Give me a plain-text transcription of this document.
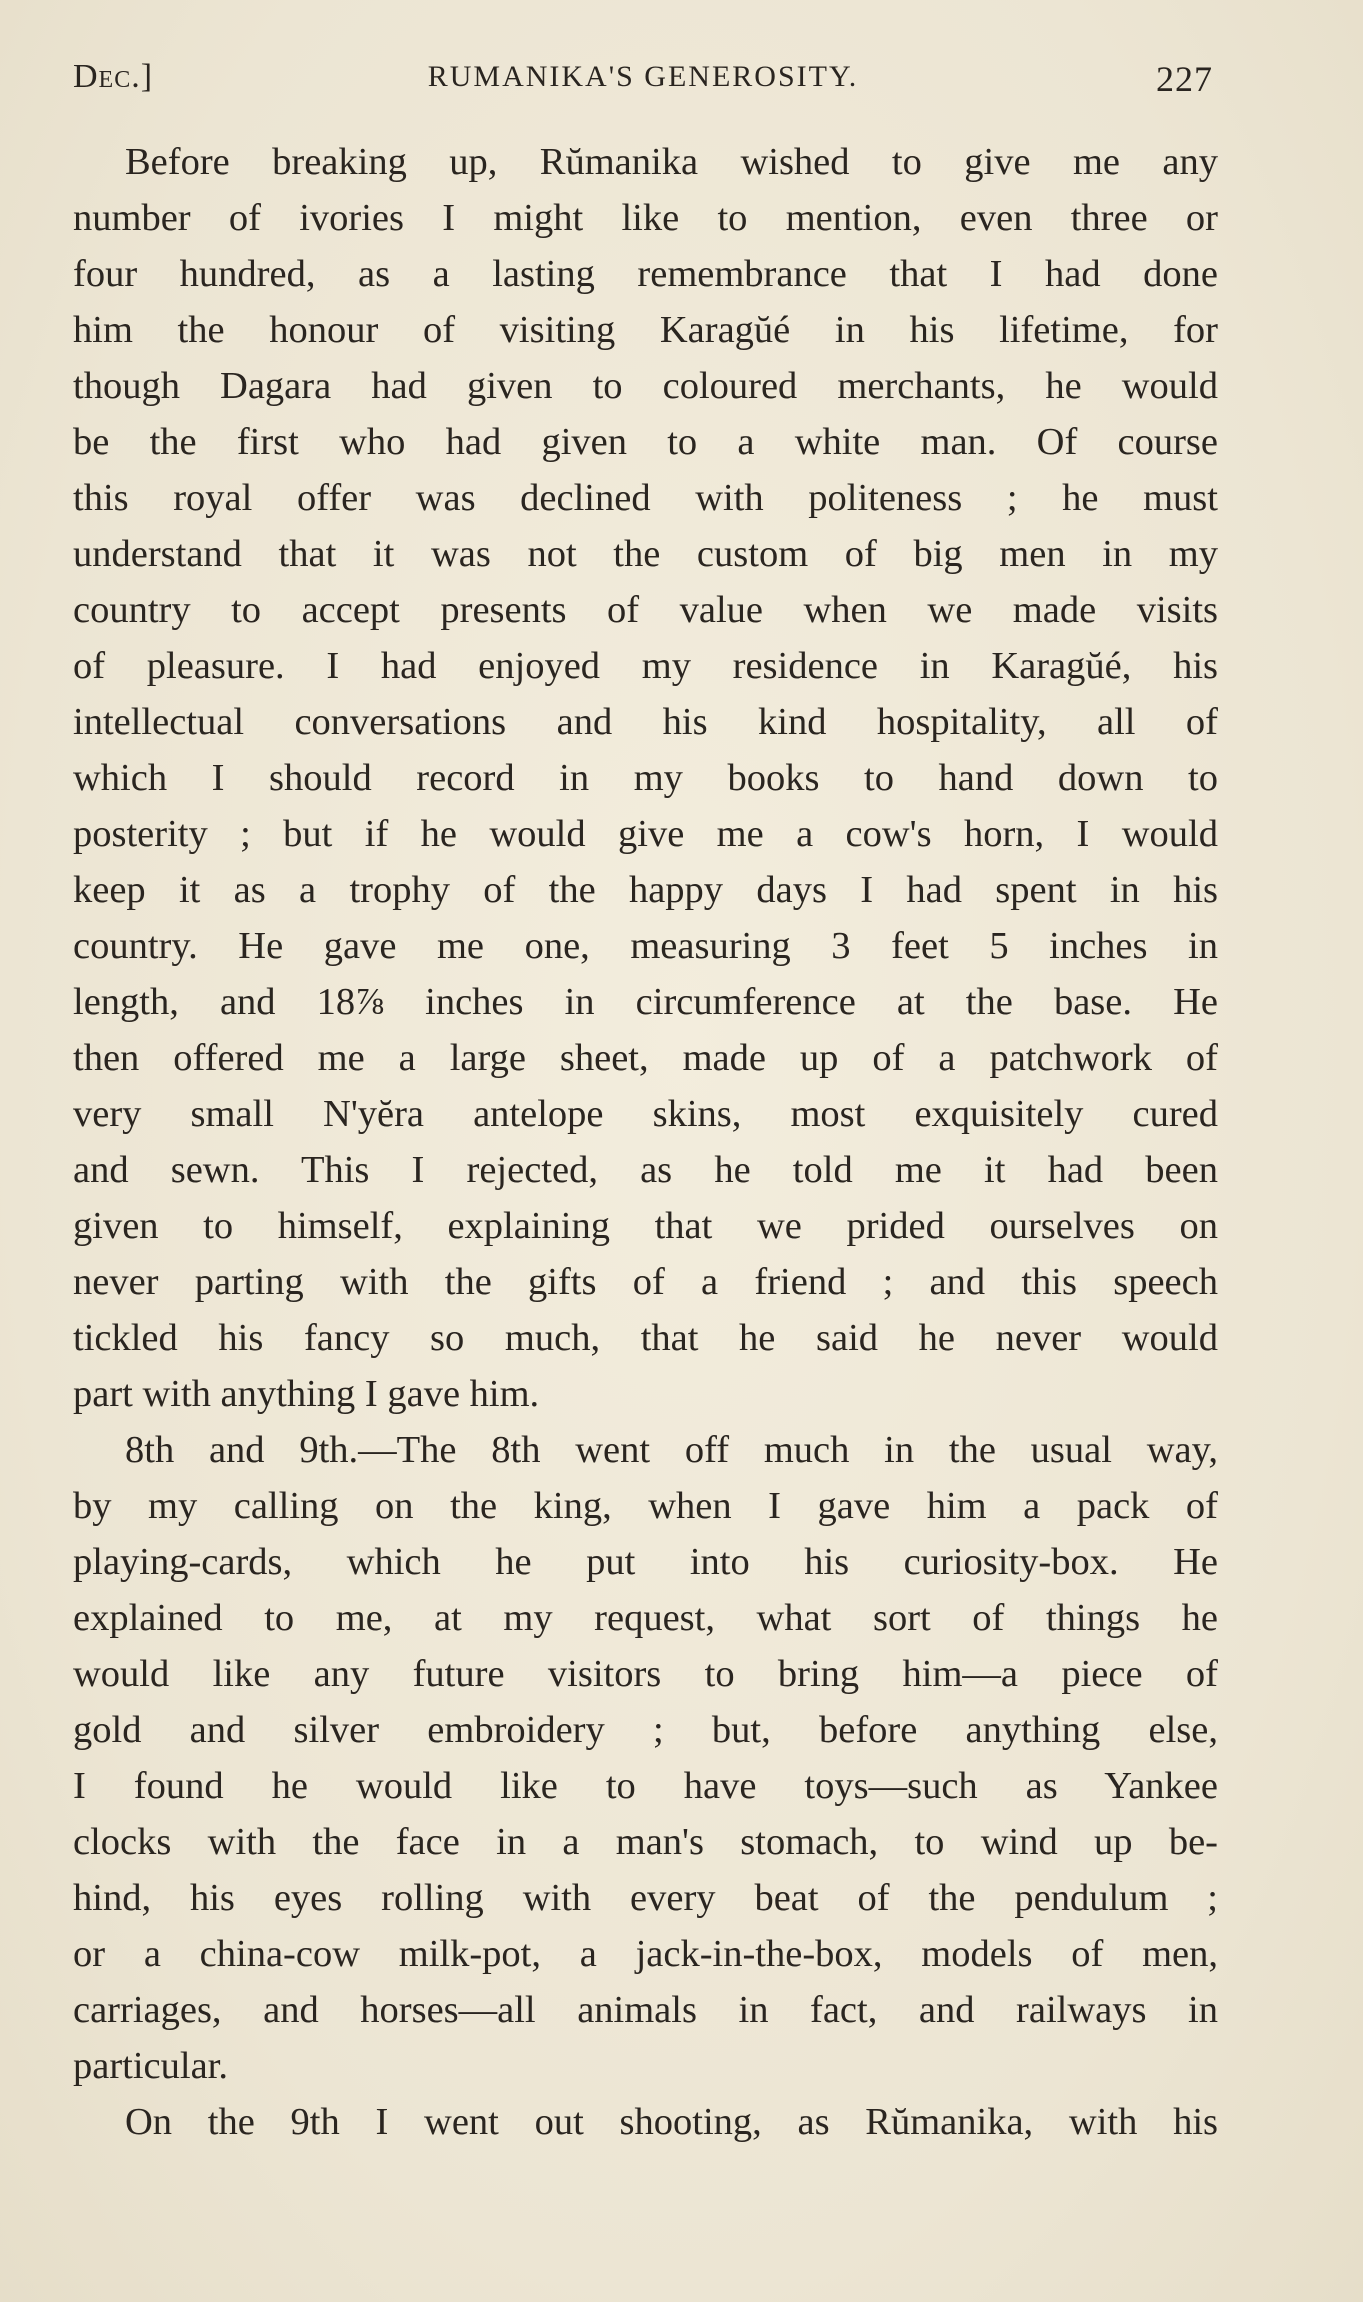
Dec.]	RUMANIKA'S GENEROSITY.	227
Before breaking up, Rŭmanika wished to give me any
number of ivories I might like to mention, even three or
four hundred, as a lasting remembrance that I had done
him the honour of visiting Karagŭé in his lifetime, for
though Dagara had given to coloured merchants, he would
be the first who had given to a white man. Of course
this royal offer was declined with politeness ; he must
understand that it was not the custom of big men in my
country to accept presents of value when we made visits
of pleasure. I had enjoyed my residence in Karagŭé, his
intellectual conversations and his kind hospitality, all of
which I should record in my books to hand down to
posterity ; but if he would give me a cow's horn, I would
keep it as a trophy of the happy days I had spent in his
country. He gave me one, measuring 3 feet 5 inches in
length, and 18⅞ inches in circumference at the base. He
then offered me a large sheet, made up of a patchwork of
very small N'yĕra antelope skins, most exquisitely cured
and sewn. This I rejected, as he told me it had been
given to himself, explaining that we prided ourselves on
never parting with the gifts of a friend ; and this speech
tickled his fancy so much, that he said he never would
part with anything I gave him.
8th and 9th.—The 8th went off much in the usual way,
by my calling on the king, when I gave him a pack of
playing-cards, which he put into his curiosity-box. He
explained to me, at my request, what sort of things he
would like any future visitors to bring him—a piece of
gold and silver embroidery ; but, before anything else,
I found he would like to have toys—such as Yankee
clocks with the face in a man's stomach, to wind up be-
hind, his eyes rolling with every beat of the pendulum ;
or a china-cow milk-pot, a jack-in-the-box, models of men,
carriages, and horses—all animals in fact, and railways in
particular.
On the 9th I went out shooting, as Rŭmanika, with his
